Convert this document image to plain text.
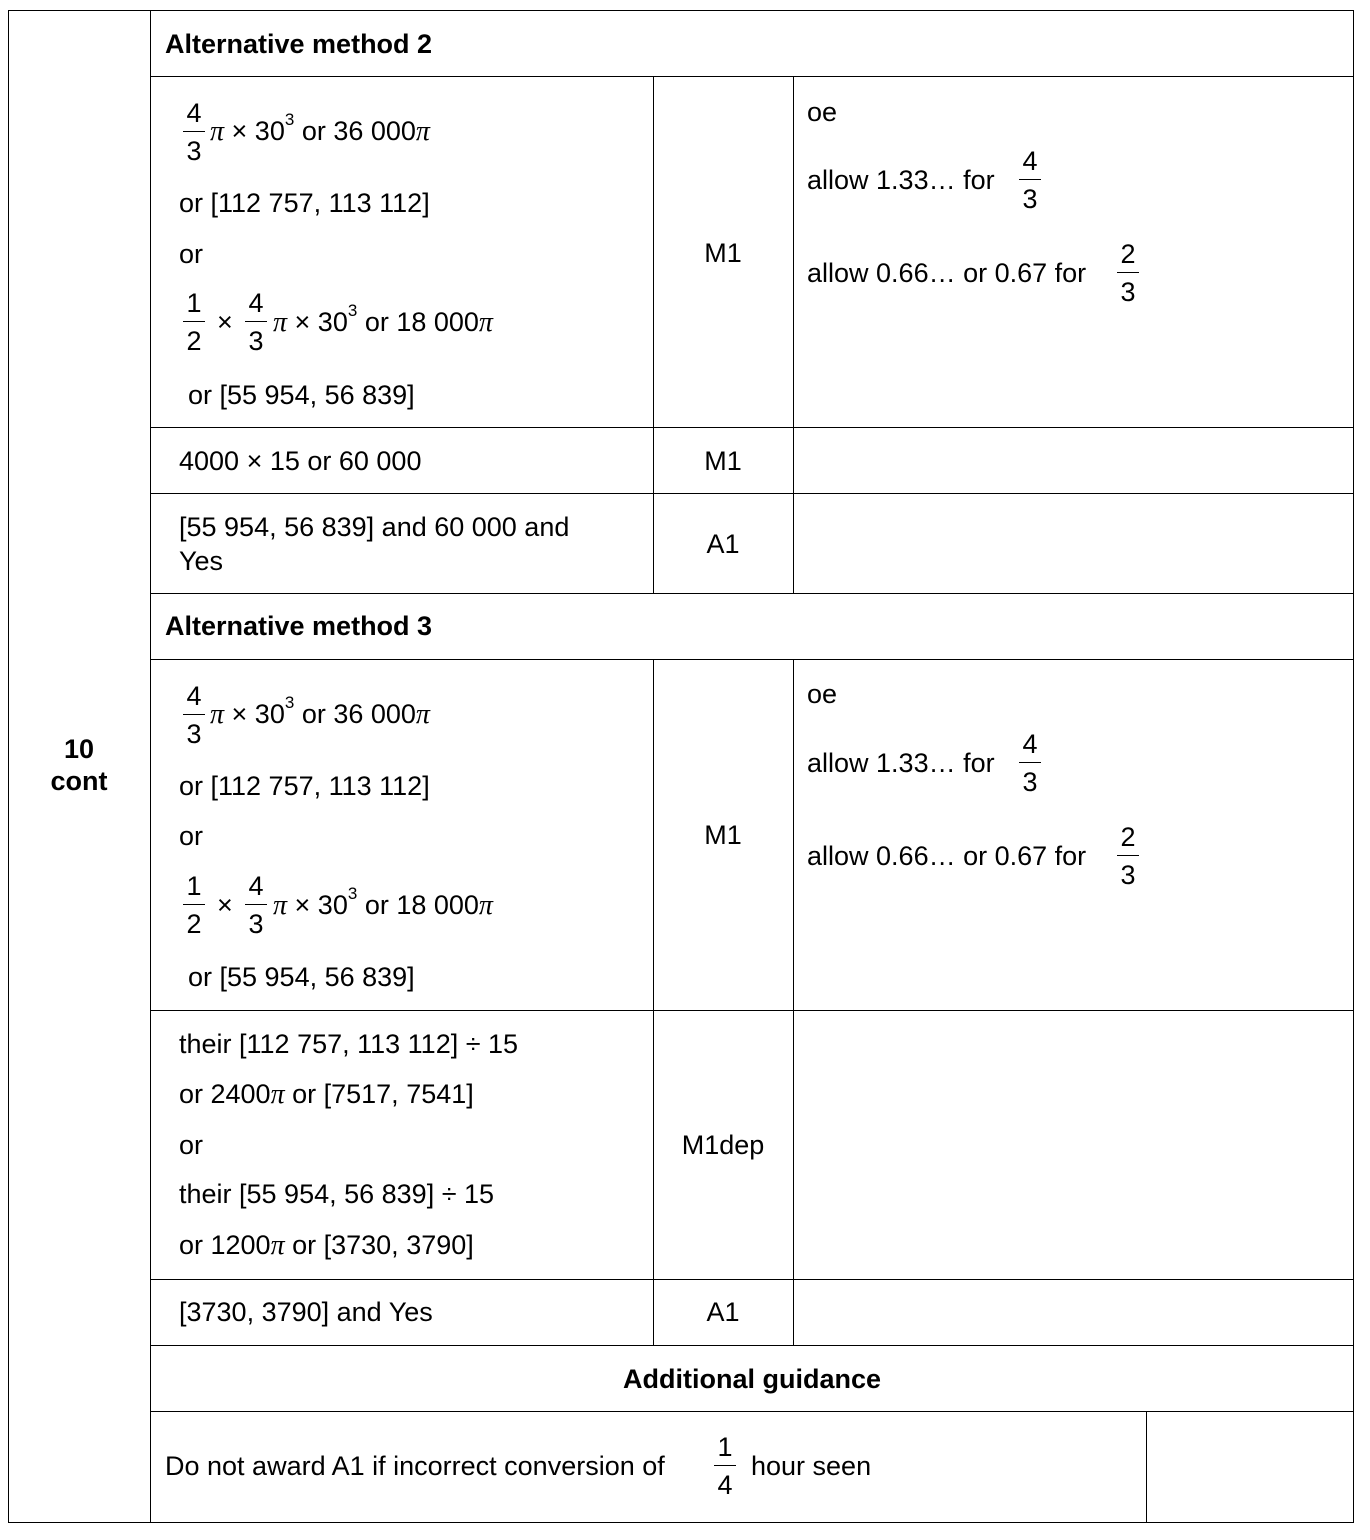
10
cont
Alternative method 2
4
3
$\pi \times 30^3$ or 36 000π
or [112 757, 113 112]
or
1
2
×
4
3
$\pi \times 30^3$ or 18 000π
or [55 954, 56 839]
M1
oe
allow 1.33… for
4
3
allow 0.66… or 0.67 for
2
3
4000 × 15 or 60 000	M1
[55 954, 56 839] and 60 000 and
Yes
A1
Alternative method 3
4
3
$\pi \times 30^3$ or 36 000π
or [112 757, 113 112]
or
1
2
×
4
3
$\pi \times 30^3$ or 18 000π
or [55 954, 56 839]
M1
oe
allow 1.33… for
4
3
allow 0.66… or 0.67 for
2
3
their [112 757, 113 112] ÷ 15
or 2400π or [7517, 7541]
or
their [55 954, 56 839] ÷ 15
or 1200π or [3730, 3790]
M1dep
[3730, 3790] and Yes	A1
Additional guidance
Do not award A1 if incorrect conversion of
1
4
hour seen
